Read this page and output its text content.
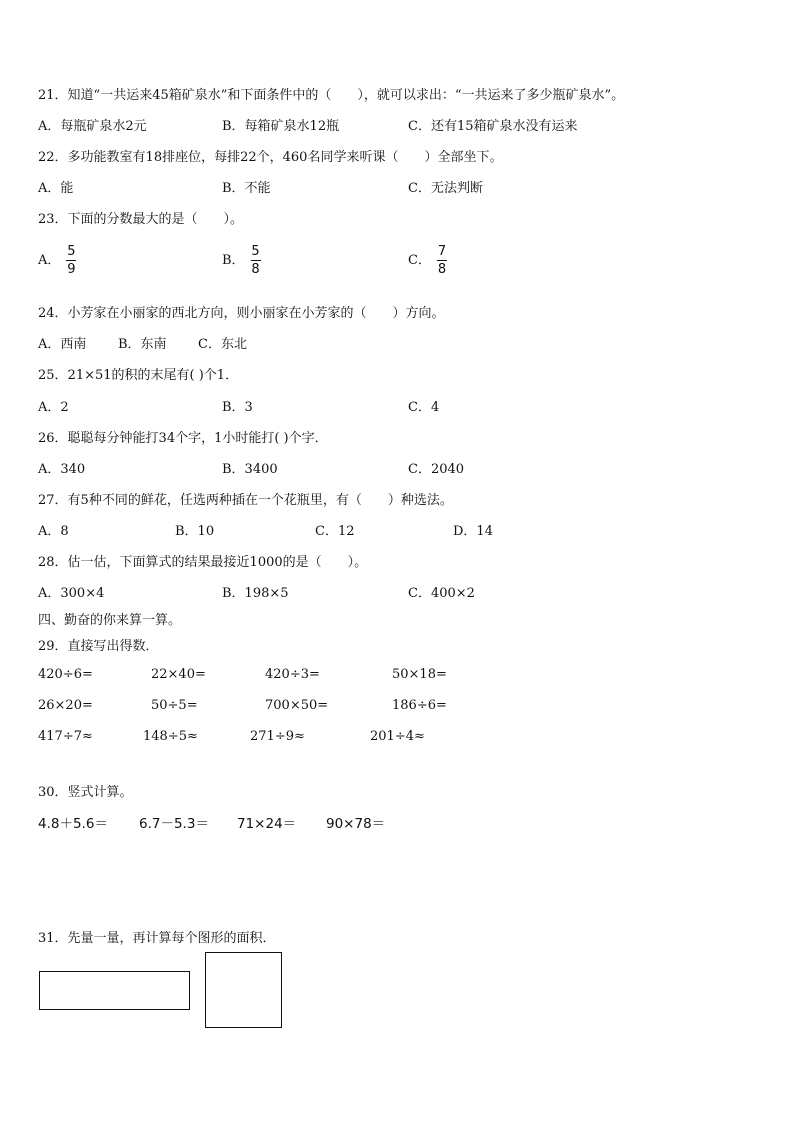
21．知道“一共运来45箱矿泉水”和下面条件中的（　　），就可以求出：“一共运来了多少瓶矿泉水”。
A．每瓶矿泉水2元	B．每箱矿泉水12瓶	C．还有15箱矿泉水没有运来
22．多功能教室有18排座位，每排22个，460名同学来听课（　　）全部坐下。
A．能	B．不能	C．无法判断
23．下面的分数最大的是（　　）。
A． $\frac{5}{9}$	B． $\frac{5}{8}$	C． $\frac{7}{8}$
24．小芳家在小丽家的西北方向，则小丽家在小芳家的（　　）方向。
A．西南 B．东南 C．东北
25．21×51的积的末尾有( )个1．
A．2	B．3	C．4
26．聪聪每分钟能打34个字，1小时能打( )个字．
A．340	B．3400	C．2040
27．有5种不同的鲜花，任选两种插在一个花瓶里，有（　　）种选法。
A．8	B．10	C．12	D．14
28．估一估，下面算式的结果最接近1000的是（　　）。
A．300×4	B．198×5	C．400×2
四、勤奋的你来算一算。
29．直接写出得数．
420÷6=	22×40=	420÷3=	50×18=
26×20=	50÷5=	700×50=	186÷6=
417÷7≈	148÷5≈	271÷9≈	201÷4≈
30．竖式计算。
4.8＋5.6＝ 6.7－5.3＝ 71×24＝ 90×78＝
31．先量一量，再计算每个图形的面积．
